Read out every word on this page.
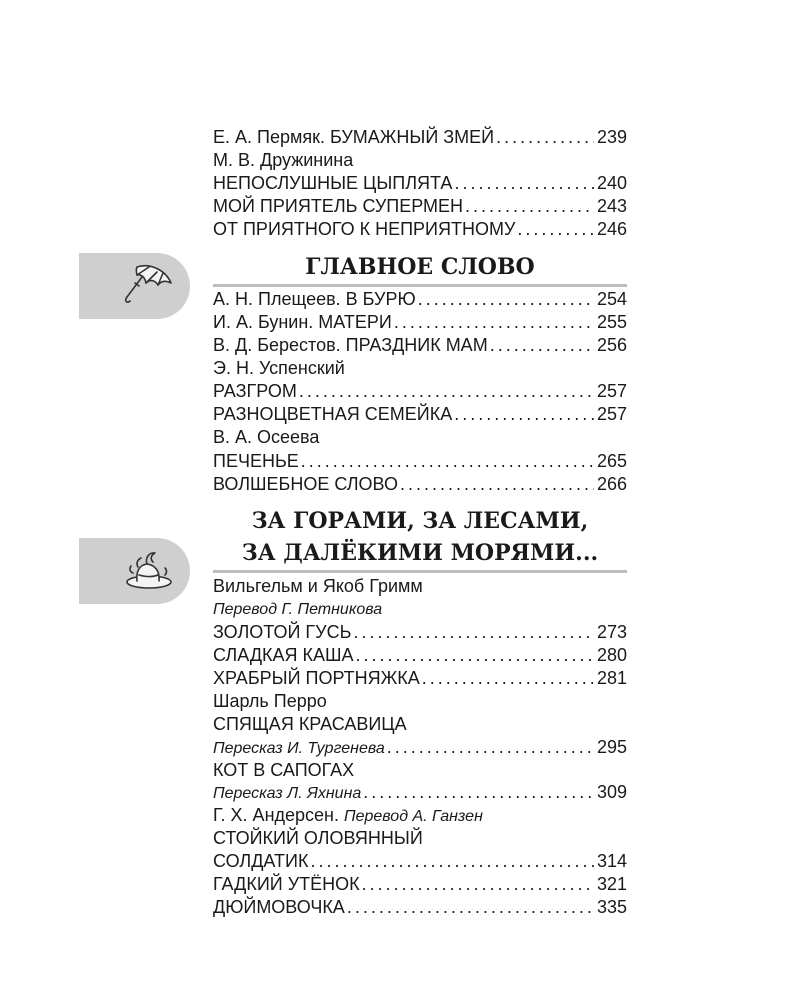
Е. А. Пермяк. БУМАЖНЫЙ ЗМЕЙ .....	239
М. В. Дружинина
НЕПОСЛУШНЫЕ ЦЫПЛЯТА .....	240
МОЙ ПРИЯТЕЛЬ СУПЕРМЕН .....	243
ОТ ПРИЯТНОГО К НЕПРИЯТНОМУ .....	246
ГЛАВНОЕ СЛОВО
А. Н. Плещеев. В БУРЮ .....	254
И. А. Бунин. МАТЕРИ .....	255
В. Д. Берестов. ПРАЗДНИК МАМ .....	256
Э. Н. Успенский
РАЗГРОМ .....	257
РАЗНОЦВЕТНАЯ СЕМЕЙКА .....	257
В. А. Осеева
ПЕЧЕНЬЕ .....	265
ВОЛШЕБНОЕ СЛОВО .....	266
ЗА ГОРАМИ, ЗА ЛЕСАМИ,
ЗА ДАЛЁКИМИ МОРЯМИ...
Вильгельм и Якоб Гримм
Перевод Г. Петникова
ЗОЛОТОЙ ГУСЬ .....	273
СЛАДКАЯ КАША .....	280
ХРАБРЫЙ ПОРТНЯЖКА .....	281
Шарль Перро
СПЯЩАЯ КРАСАВИЦА
Пересказ И. Тургенева .....	295
КОТ В САПОГАХ
Пересказ Л. Яхнина .....	309
Г. Х. Андерсен. Перевод А. Ганзен
СТОЙКИЙ ОЛОВЯННЫЙ
СОЛДАТИК .....	314
ГАДКИЙ УТЁНОК .....	321
ДЮЙМОВОЧКА .....	335
